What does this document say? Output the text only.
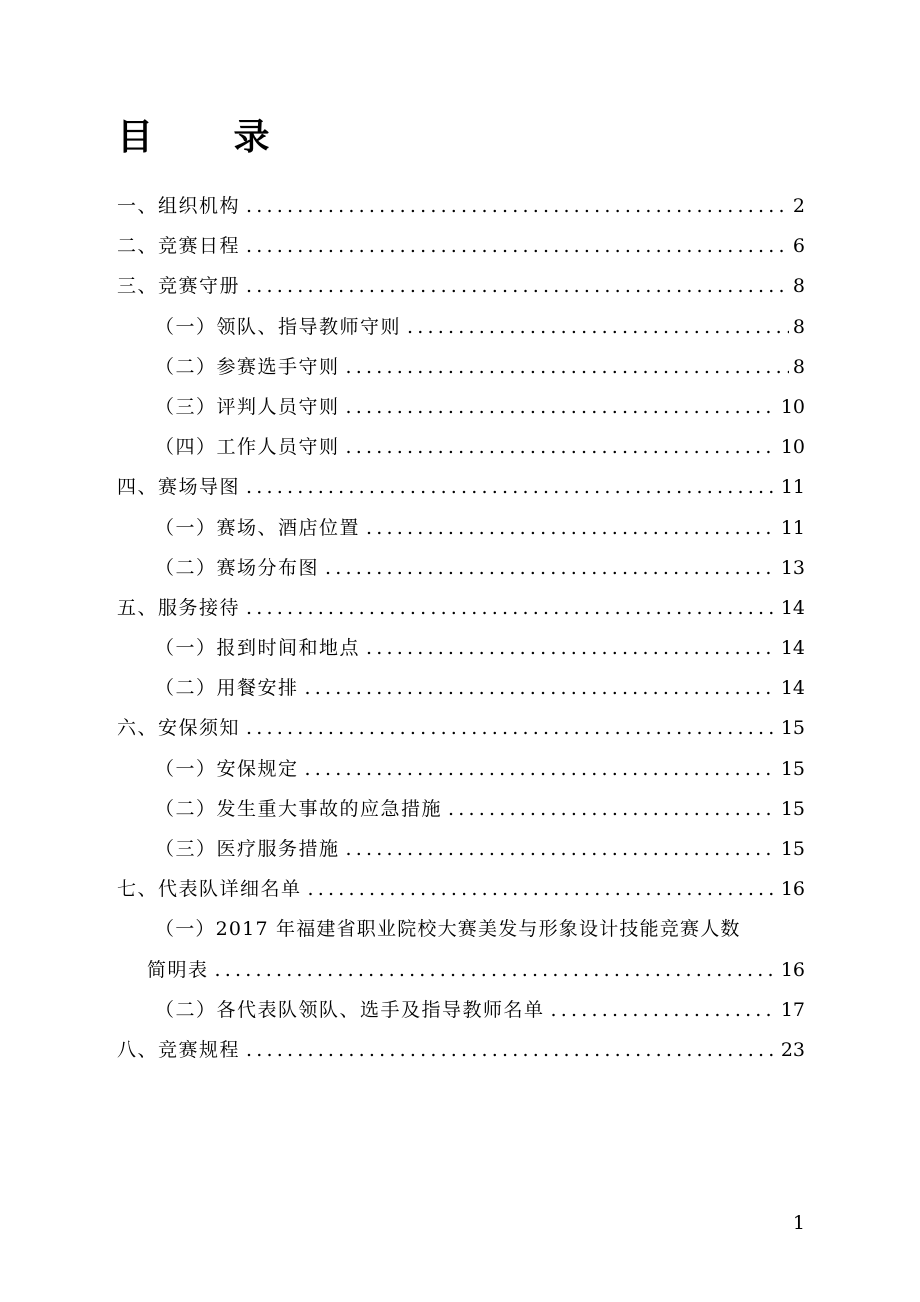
目 录
一、组织机构 .....	2
二、竞赛日程 .....	6
三、竞赛守册 .....	8
（一）领队、指导教师守则 .....	8
（二）参赛选手守则 .....	8
（三）评判人员守则 .....	10
（四）工作人员守则 .....	10
四、赛场导图 .....	11
（一）赛场、酒店位置 .....	11
（二）赛场分布图 .....	13
五、服务接待 .....	14
（一）报到时间和地点 .....	14
（二）用餐安排 .....	14
六、安保须知 .....	15
（一）安保规定 .....	15
（二）发生重大事故的应急措施 .....	15
（三）医疗服务措施 .....	15
七、代表队详细名单 .....	16
（一）2017 年福建省职业院校大赛美发与形象设计技能竞赛人数
简明表 .....	16
（二）各代表队领队、选手及指导教师名单 .....	17
八、竞赛规程 .....	23
1
